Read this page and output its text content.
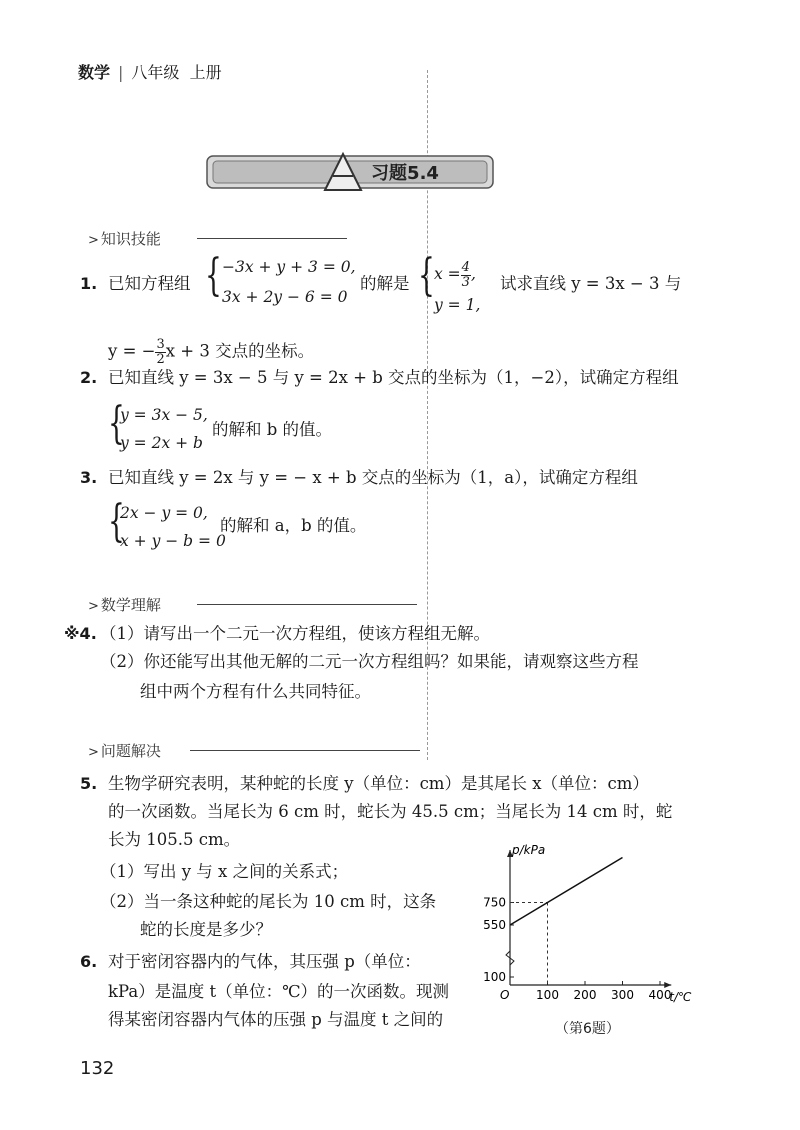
数学 | 八年级 上册
习题5.4
> 知识技能
1. 已知方程组 { −3x + y + 3 = 0,
3x + 2y − 6 = 0
的解是 { $x = \frac{4}{3}$ ,
y = 1,
试求直线 y = 3x − 3 与
y = − $\frac{3}{2}$ x + 3 交点的坐标。
2. 已知直线 y = 3x − 5 与 y = 2x + b 交点的坐标为（1，−2），试确定方程组
{
y = 3x − 5,
y = 2x + b
的解和 b 的值。
3. 已知直线 y = 2x 与 y = − x + b 交点的坐标为（1，a），试确定方程组
{
2x − y = 0,
x + y − b = 0
的解和 a，b 的值。
> 数学理解
※4. （1）请写出一个二元一次方程组，使该方程组无解。
（2）你还能写出其他无解的二元一次方程组吗？如果能，请观察这些方程
组中两个方程有什么共同特征。
> 问题解决
5. 生物学研究表明，某种蛇的长度 y（单位：cm）是其尾长 x（单位：cm）
的一次函数。当尾长为 6 cm 时，蛇长为 45.5 cm；当尾长为 14 cm 时，蛇
长为 105.5 cm。
（1）写出 y 与 x 之间的关系式；
（2）当一条这种蛇的尾长为 10 cm 时，这条
蛇的长度是多少？
6. 对于密闭容器内的气体，其压强 p（单位：
kPa）是温度 t（单位：℃）的一次函数。现测
得某密闭容器内气体的压强 p 与温度 t 之间的
t/℃
p/kPa
O 100 200 300 400
100
550
750
（第6题）
132
